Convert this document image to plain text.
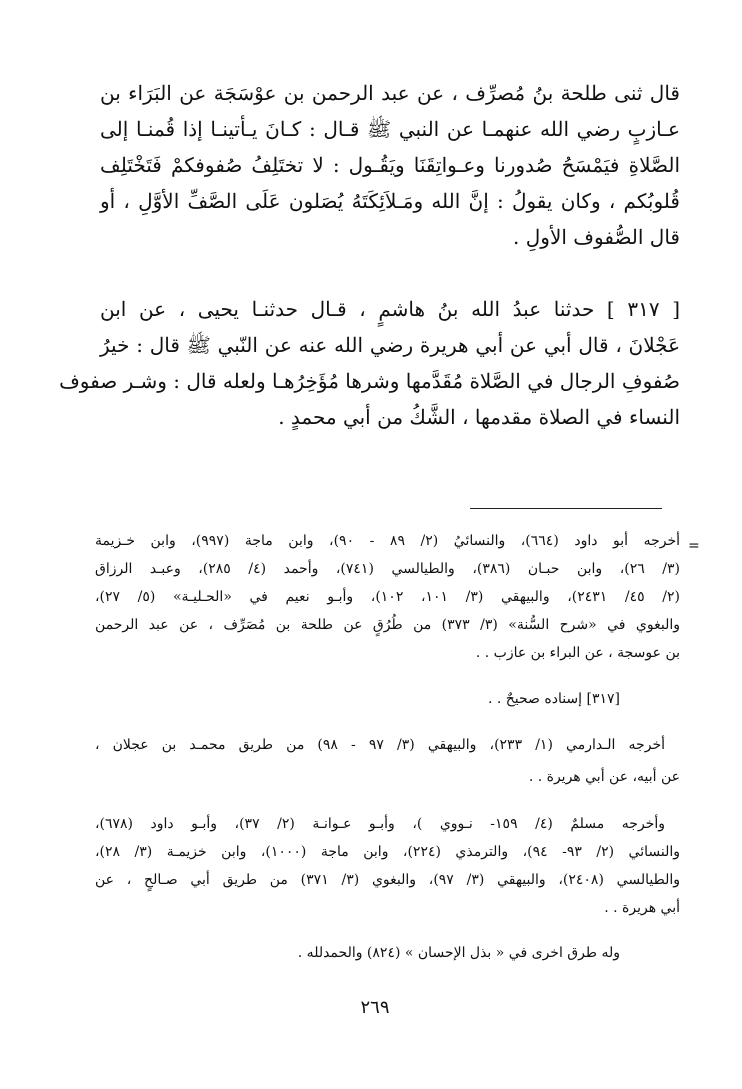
قال ثنى طلحة بنُ مُصرِّف ، عن عبد الرحمن بن عوْسَجَة عن البَرَاء بن
عـازبٍ رضي الله عنهمـا عن النبي ﷺ قـال : كـانَ يـأتينـا إذا قُمنـا إلى
الصَّلاةِ فيَمْسَحُ صُدورنا وعـواتِقَنَا ويَقُـول : لا تختَلِفُ صُفوفكمْ فَتَخْتَلِف
قُلوبُكم ، وكان يقولُ : إنَّ الله ومَـلاَئِكَتَهُ يُصَلون عَلَى الصَّفِّ الأوَّلِ ، أو
قال الصُّفوف الأولِ .
[ ٣١٧ ] حدثنا عبدُ الله بنُ هاشمٍ ، قـال حدثنـا يحيى ، عن ابن
عَجْلانَ ، قال أبي عن أبي هريرة رضي الله عنه عن النّبي ﷺ قال : خيرُ
صُفوفِ الرجال في الصَّلاة مُقَدَّمها وشرها مُؤَخِرُهـا ولعله قال : وشـر صفوف
النساء في الصلاة مقدمها ، الشَّكُ من أبي محمدٍ .
=
أخرجه أبو داود (٦٦٤)، والنسائيُ (٢/ ٨٩ - ٩٠)، وابن ماجة (٩٩٧)، وابن خـزيمة
(٣/ ٢٦)، وابن حبـان (٣٨٦)، والطيالسي (٧٤١)، وأحمد (٤/ ٢٨٥)، وعبـد الرزاق
(٢/ ٤٥/ ٢٤٣١)، والبيهقي (٣/ ١٠١، ١٠٢)، وأبـو نعيم في «الحـليـة» (٥/ ٢٧)،
والبغوي في «شرح السُّنة» (٣/ ٣٧٣) من طُرُقٍ عن طلحة بن مُصَرِّف ، عن عبد الرحمن
بن عوسجة ، عن البراء بن عازب . .
[٣١٧] إسناده صحيحٌ . .
أخرجه الـدارمي (١/ ٢٣٣)، والبيهقي (٣/ ٩٧ - ٩٨) من طريق محمـد بن عجلان ،
عن أبيه، عن أبي هريرة . .
وأخرجه مسلمٌ (٤/ ١٥٩- نـووي )، وأبـو عـوانـة (٢/ ٣٧)، وأبـو داود (٦٧٨)،
والنسائي (٢/ ٩٣- ٩٤)، والترمذي (٢٢٤)، وابن ماجة (١٠٠٠)، وابن خزيمـة (٣/ ٢٨)،
والطيالسي (٢٤٠٨)، والبيهقي (٣/ ٩٧)، والبغوي (٣/ ٣٧١) من طريق أبي صـالحٍ ، عن
أبي هريرة . .
وله طرق اخرى في « بذل الإحسان » (٨٢٤) والحمدلله .
٢٦٩
